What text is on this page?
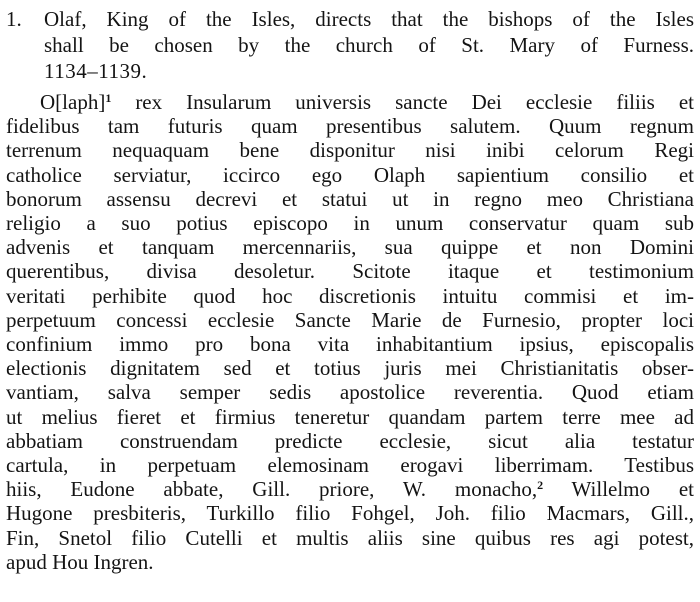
1.	Olaf, King of the Isles, directs that the bishops of the Isles
shall be chosen by the church of St. Mary of Furness.
1134–1139.
O[laph]$^1$ rex Insularum universis sancte Dei ecclesie filiis et
fidelibus tam futuris quam presentibus salutem. Quum regnum
terrenum nequaquam bene disponitur nisi inibi celorum Regi
catholice serviatur, iccirco ego Olaph sapientium consilio et
bonorum assensu decrevi et statui ut in regno meo Christiana
religio a suo potius episcopo in unum conservatur quam sub
advenis et tanquam mercennariis, sua quippe et non Domini
querentibus, divisa desoletur. Scitote itaque et testimonium
veritati perhibite quod hoc discretionis intuitu commisi et im-
perpetuum concessi ecclesie Sancte Marie de Furnesio, propter loci
confinium immo pro bona vita inhabitantium ipsius, episcopalis
electionis dignitatem sed et totius juris mei Christianitatis obser-
vantiam, salva semper sedis apostolice reverentia. Quod etiam
ut melius fieret et firmius teneretur quandam partem terre mee ad
abbatiam construendam predicte ecclesie, sicut alia testatur
cartula, in perpetuam elemosinam erogavi liberrimam. Testibus
hiis, Eudone abbate, Gill. priore, W. monacho,$^2$ Willelmo et
Hugone presbiteris, Turkillo filio Fohgel, Joh. filio Macmars, Gill.,
Fin, Snetol filio Cutelli et multis aliis sine quibus res agi potest,
apud Hou Ingren.
